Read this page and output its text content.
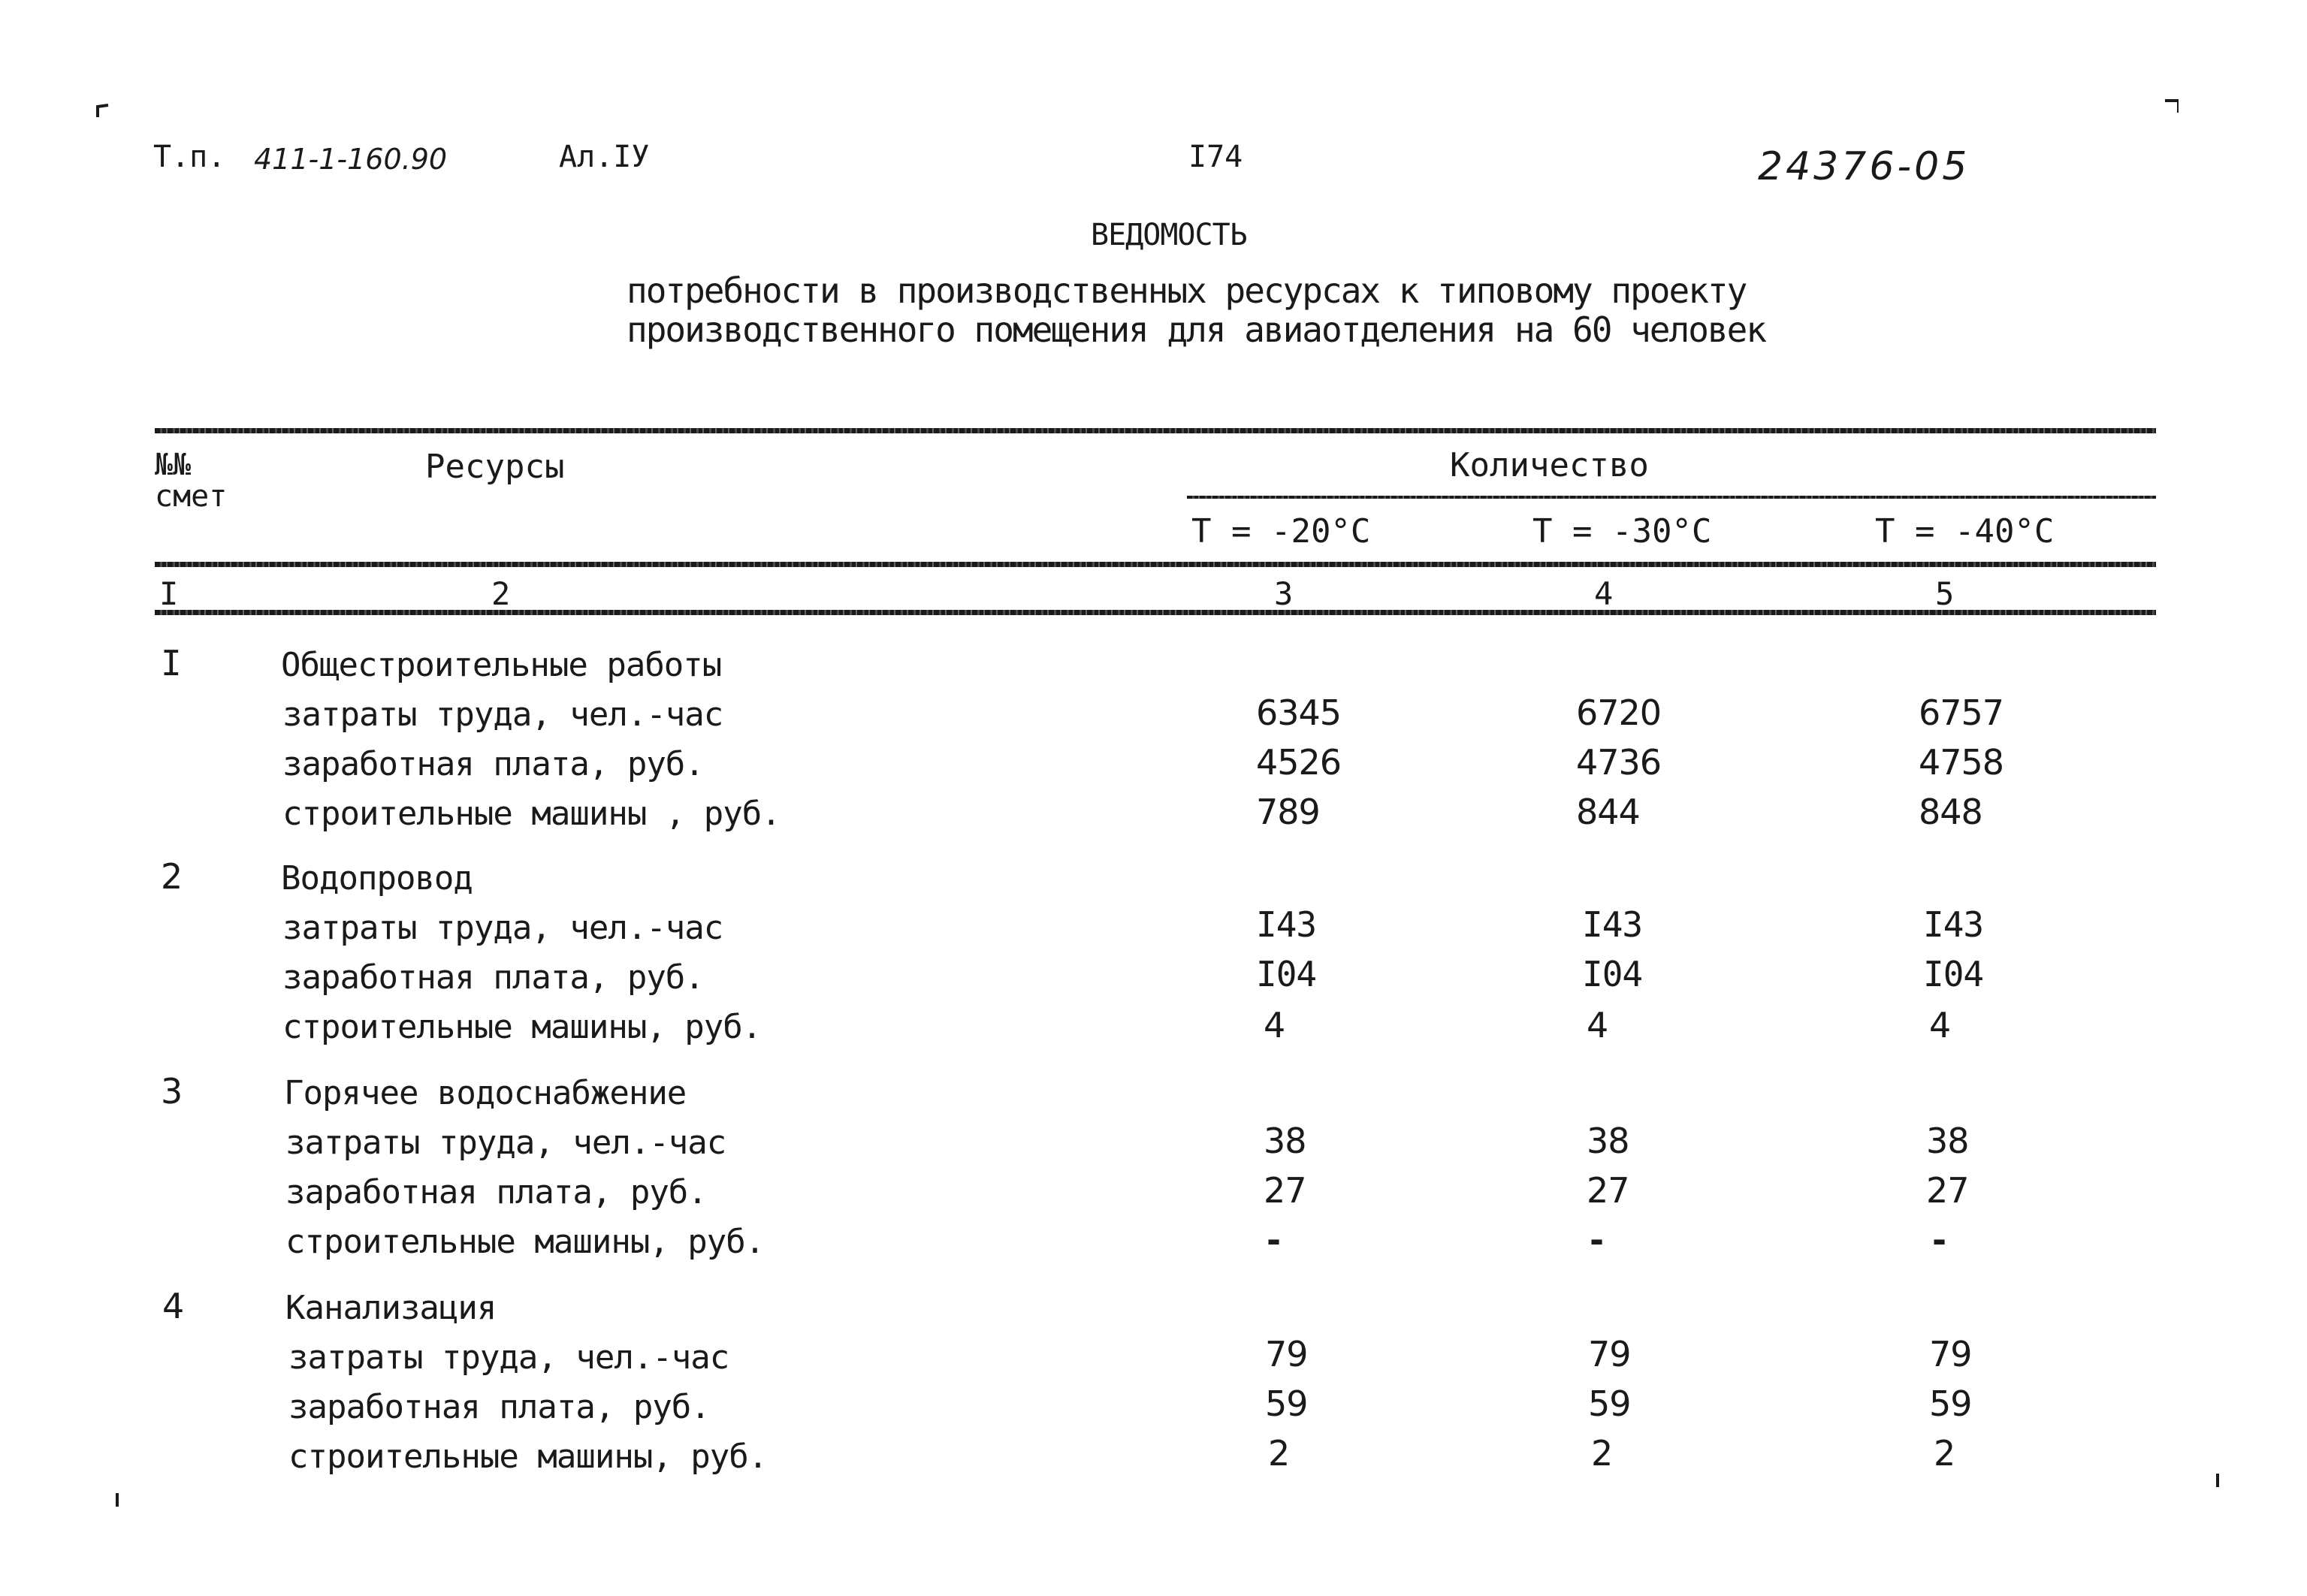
Т.п. 411-1-160.90	Ал.IУ	I74	24376-05
ВЕДОМОСТЬ
потребности в производственных ресурсах к типовому проекту
производственного помещения для авиаотделения на 60 человек
№№
смет
Ресурсы	Количество
Т = -20°С	Т = -30°С	Т = -40°С
I	2	3	4	5
I	Общестроительные работы
затраты труда, чел.-час	6345	6720	6757
заработная плата, руб.	4526	4736	4758
строительные машины , руб.	789	844	848
2	Водопровод
затраты труда, чел.-час	I43	I43	I43
заработная плата, руб.	I04	I04	I04
строительные машины, руб.	4	4	4
3	Горячее водоснабжение
затраты труда, чел.-час	38	38	38
заработная плата, руб.	27	27	27
строительные машины, руб.	-	-	-
4	Канализация
затраты труда, чел.-час	79	79	79
заработная плата, руб.	59	59	59
строительные машины, руб.	2	2	2
